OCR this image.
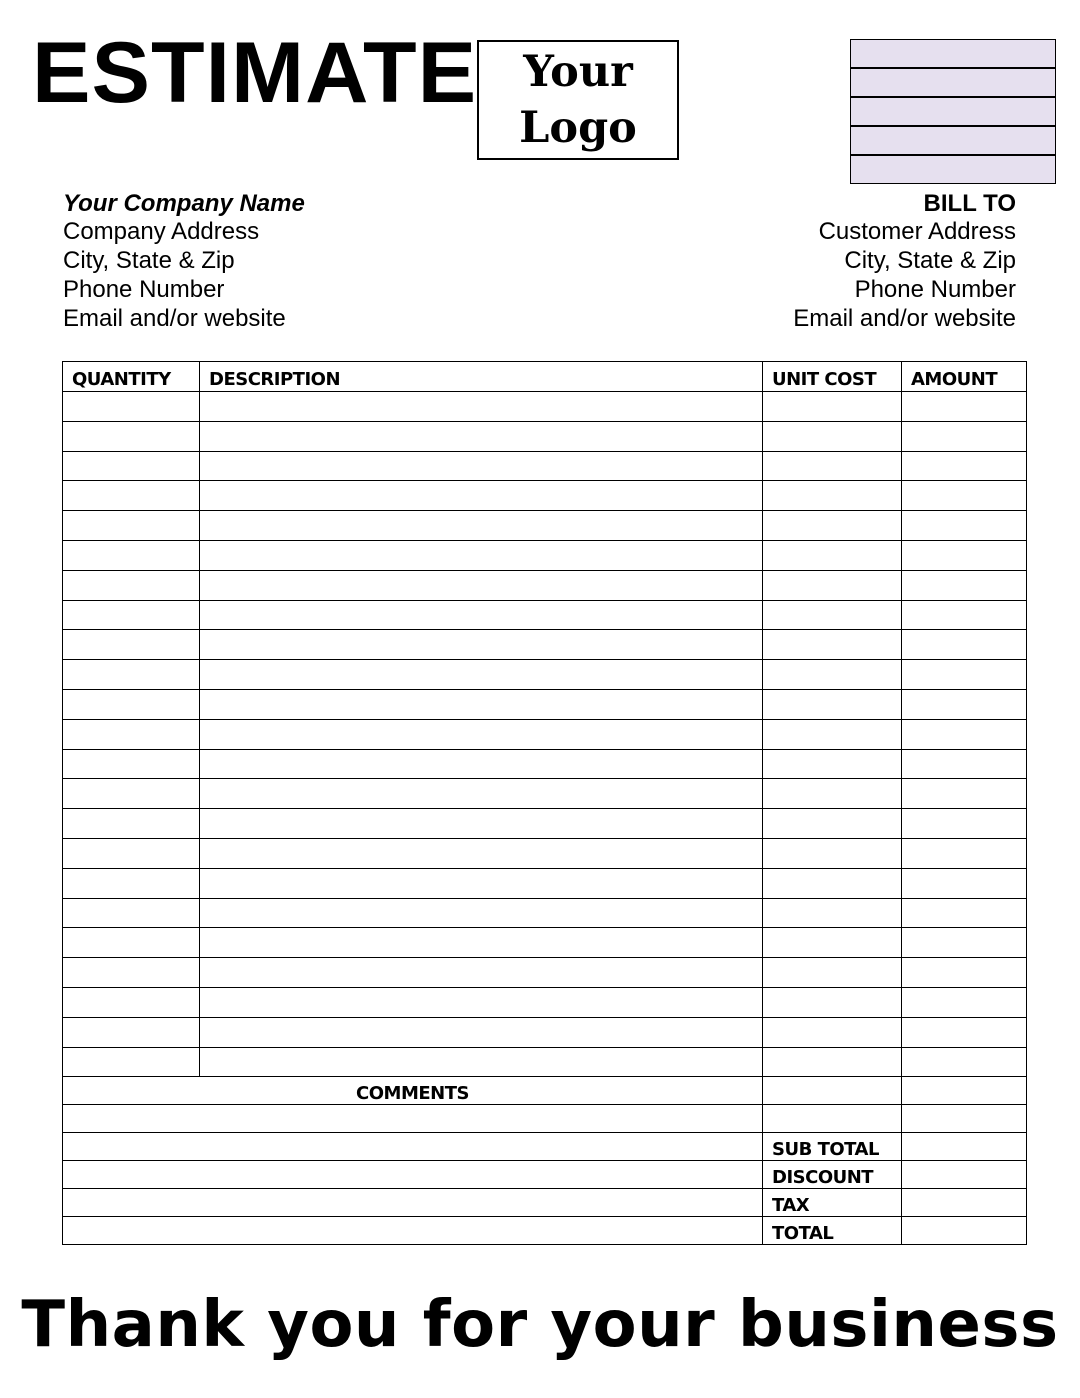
ESTIMATE Your
Logo
Your Company Name
Company Address
City, State & Zip
Phone Number
Email and/or website
BILL TO
Customer Address
City, State & Zip
Phone Number
Email and/or website
QUANTITY	DESCRIPTION	UNIT COST	AMOUNT

COMMENTS			

		SUB TOTAL	
		DISCOUNT	
		TAX	
		TOTAL	
Thank you for your business
